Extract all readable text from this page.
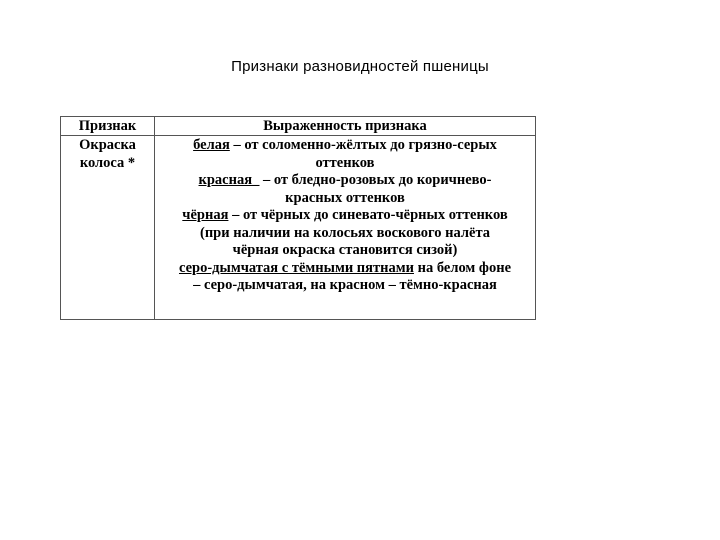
Признаки разновидностей пшеницы
Признак	Выраженность признака
Окраска
колоса *
белая – от соломенно-жёлтых до грязно-серых
оттенков
красная_ – от бледно-розовых до коричнево-
красных оттенков
чёрная – от чёрных до синевато-чёрных оттенков
(при наличии на колосьях воскового налёта
чёрная окраска становится сизой)
серо-дымчатая с тёмными пятнами на белом фоне
– серо-дымчатая, на красном – тёмно-красная
